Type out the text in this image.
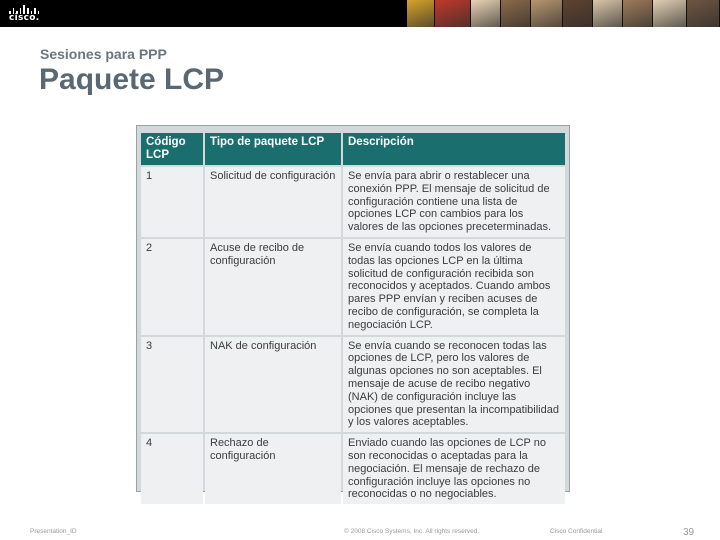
cisco.
Sesiones para PPP
Paquete LCP
Código LCP	Tipo de paquete LCP	Descripción
1	Solicitud de configuración	Se envía para abrir o restablecer una conexión PPP. El mensaje de solicitud de configuración contiene una lista de opciones LCP con cambios para los valores de las opciones preceterminadas.
2	Acuse de recibo de configuración	Se envía cuando todos los valores de todas las opciones LCP en la última solicitud de configuración recibida son reconocidos y aceptados. Cuando ambos pares PPP envían y reciben acuses de recibo de configuración, se completa la negociación LCP.
3	NAK de configuración	Se envía cuando se reconocen todas las opciones de LCP, pero los valores de algunas opciones no son aceptables. El mensaje de acuse de recibo negativo (NAK) de configuración incluye las opciones que presentan la incompatibilidad y los valores aceptables.
4	Rechazo de configuración	Enviado cuando las opciones de LCP no son reconocidas o aceptadas para la negociación. El mensaje de rechazo de configuración incluye las opciones no reconocidas o no negociables.
Presentation_ID	© 2008 Cisco Systems, Inc. All rights reserved.	Cisco Confidential	39
